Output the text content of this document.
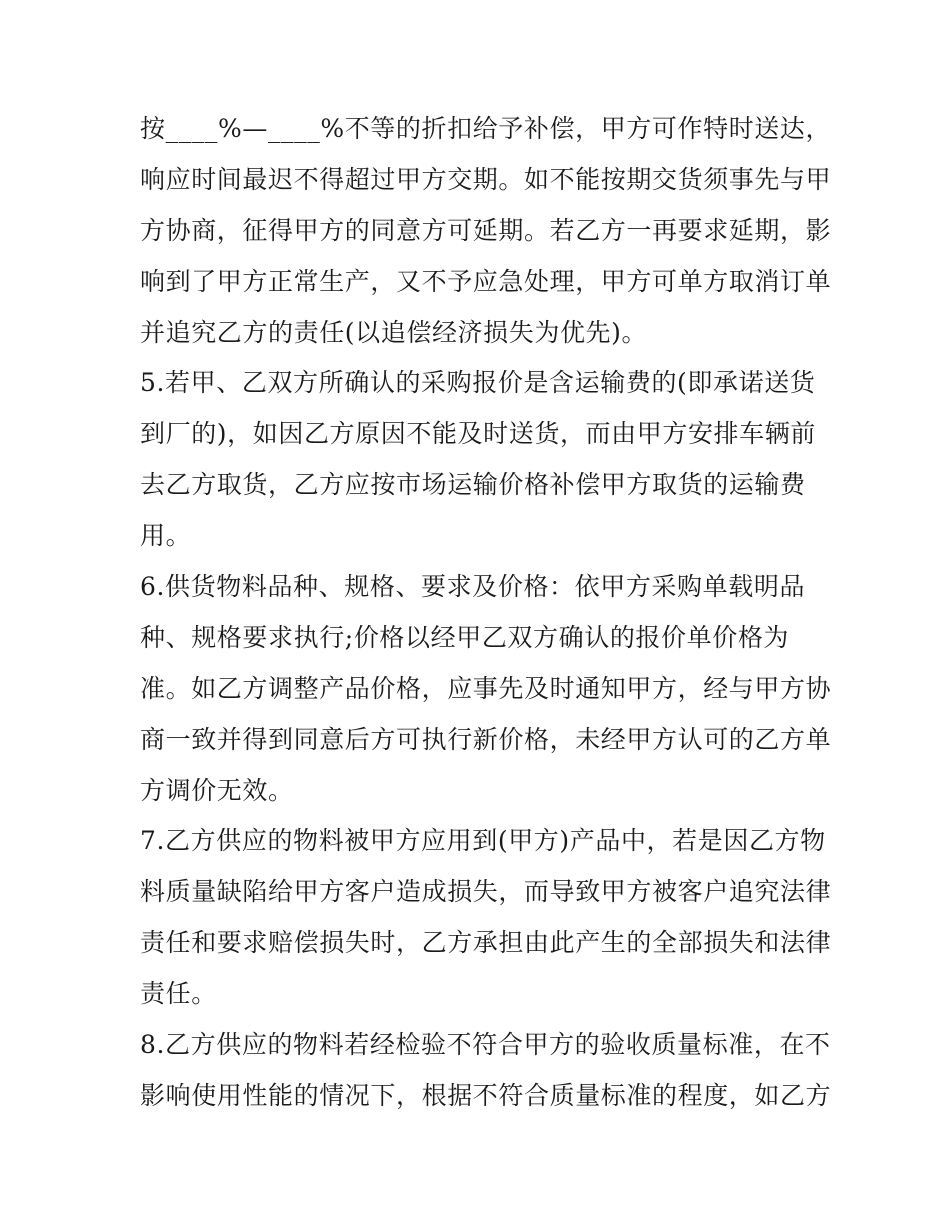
按____%—____%不等的折扣给予补偿，甲方可作特时送达，
响应时间最迟不得超过甲方交期。如不能按期交货须事先与甲
方协商，征得甲方的同意方可延期。若乙方一再要求延期，影
响到了甲方正常生产，又不予应急处理，甲方可单方取消订单
并追究乙方的责任(以追偿经济损失为优先)。
5.若甲、乙双方所确认的采购报价是含运输费的(即承诺送货
到厂的)，如因乙方原因不能及时送货，而由甲方安排车辆前
去乙方取货，乙方应按市场运输价格补偿甲方取货的运输费
用。
6.供货物料品种、规格、要求及价格：依甲方采购单载明品
种、规格要求执行;价格以经甲乙双方确认的报价单价格为
准。如乙方调整产品价格，应事先及时通知甲方，经与甲方协
商一致并得到同意后方可执行新价格，未经甲方认可的乙方单
方调价无效。
7.乙方供应的物料被甲方应用到(甲方)产品中，若是因乙方物
料质量缺陷给甲方客户造成损失，而导致甲方被客户追究法律
责任和要求赔偿损失时，乙方承担由此产生的全部损失和法律
责任。
8.乙方供应的物料若经检验不符合甲方的验收质量标准，在不
影响使用性能的情况下，根据不符合质量标准的程度，如乙方
